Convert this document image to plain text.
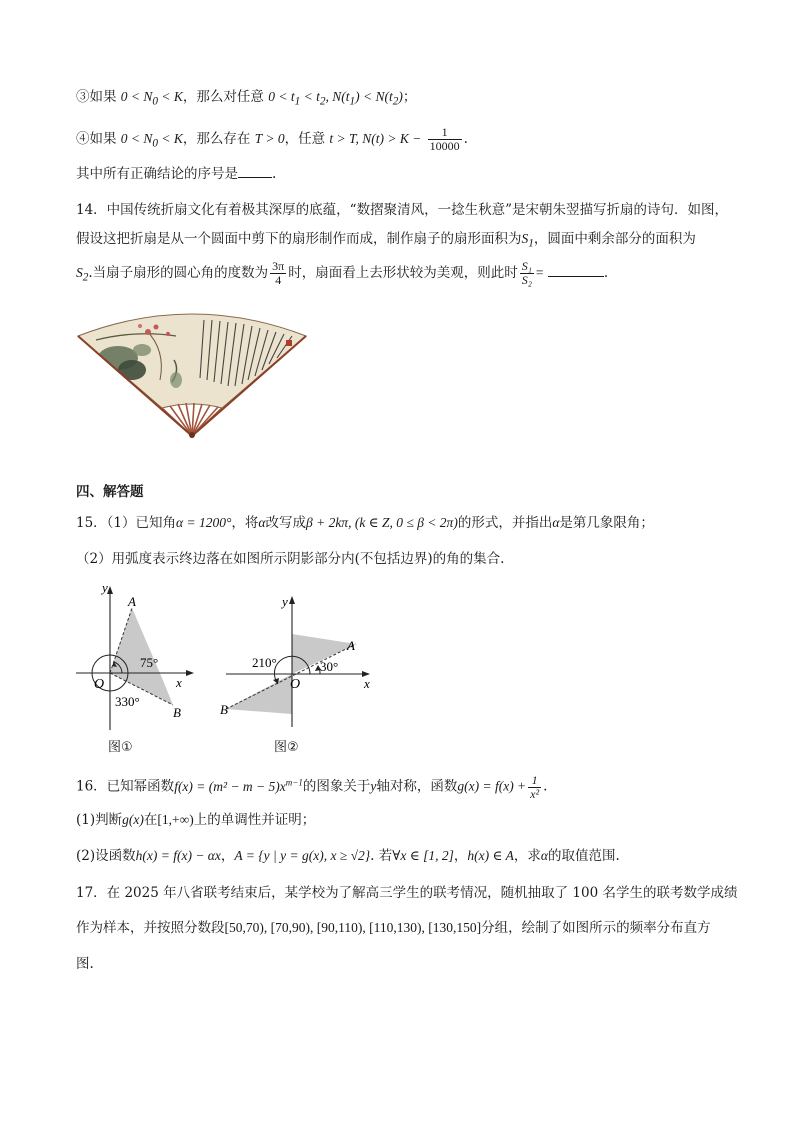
③如果 $0 < N_0 < K$，那么对任意 $0 < t_1 < t_2$, $N(t_1) < N(t_2)$；
④如果 $0 < N_0 < K$，那么存在 T > 0，任意 t > T, $N(t) > K - \frac{1}{10000}$ .
其中所有正确结论的序号是	.
14．中国传统折扇文化有着极其深厚的底蕴，“数摺聚清风，一捻生秋意”是宋朝朱翌描写折扇的诗句．如图，
假设这把折扇是从一个圆面中剪下的扇形制作而成，制作扇子的扇形面积为$S_1$，圆面中剩余部分的面积为
$S_2$.当扇子扇形的圆心角的度数为 $\frac{3\pi}{4}$ 时，扇面看上去形状较为美观，则此时 $\frac{\text{S₁}}{\text{S₂}}$ =	.
四、解答题
15．（1）已知角α = 1200°，将α改写成β + 2kπ, (k ∈ Z, 0 ≤ β < 2π)的形式，并指出α是第几象限角；
（2）用弧度表示终边落在如图所示阴影部分内(不包括边界)的角的集合.
y
x
O
A
B
75°
330°
图①
y
x
O
A
B
210°	30°
图②
16．已知幂函数$f(x) = (m^2 - m - 5)x^{m-1}$的图象关于y轴对称，函数$g(x) = f(x) + \frac{1}{\text{x²}}$ .
(1)判断g(x)在[1,+∞)上的单调性并证明；
(2)设函数h(x) = f(x) − αx，A = {y | y = g(x), x ≥ √2}. 若∀x ∈ [1, 2]，h(x) ∈ A，求α的取值范围.
17．在 2025 年八省联考结束后，某学校为了解高三学生的联考情况，随机抽取了 100 名学生的联考数学成绩
作为样本，并按照分数段[50,70), [70,90), [90,110), [110,130), [130,150]分组，绘制了如图所示的频率分布直方
图.
